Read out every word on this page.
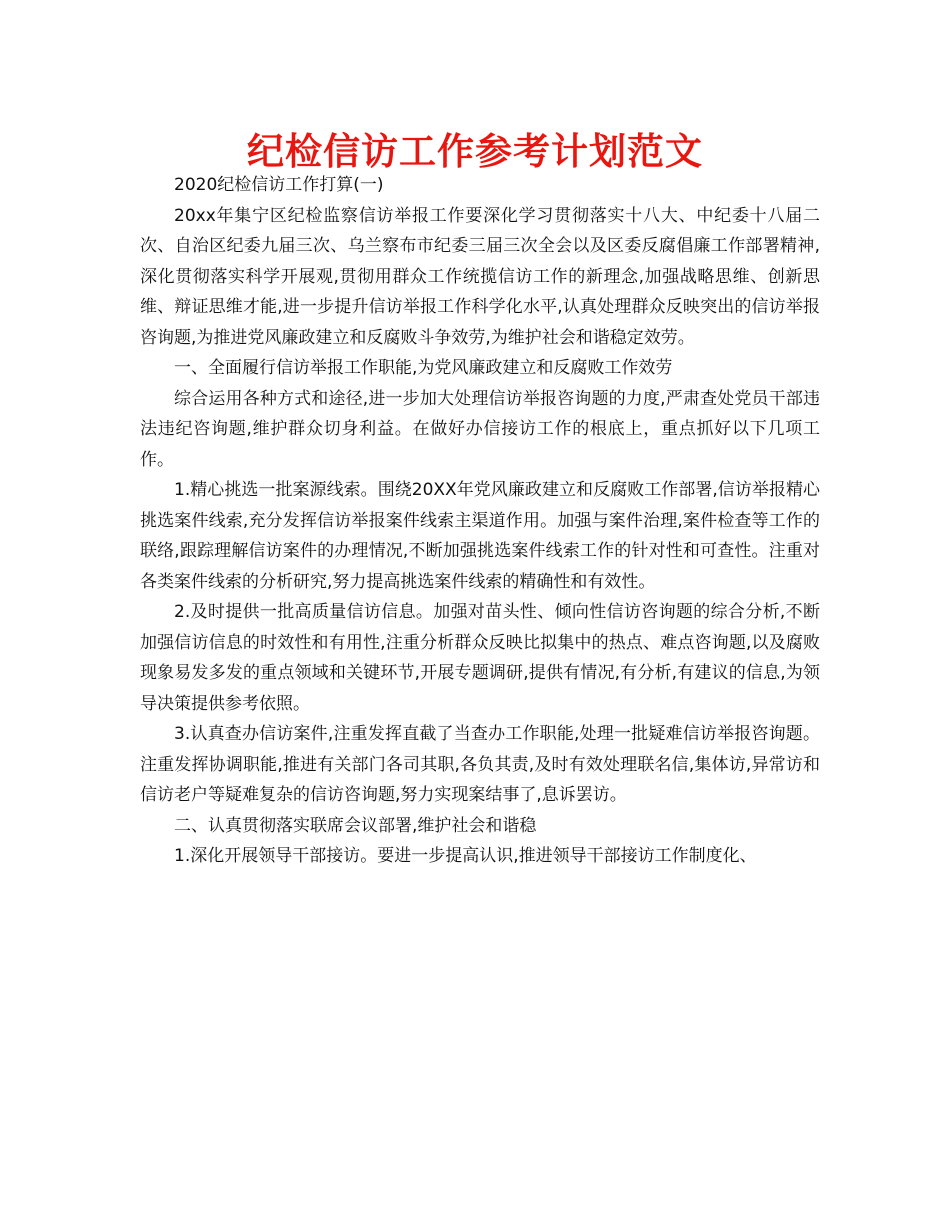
纪检信访工作参考计划范文

2020纪检信访工作打算(一)

20xx年集宁区纪检监察信访举报工作要深化学习贯彻落实十八大、中纪委十八届二次、自治区纪委九届三次、乌兰察布市纪委三届三次全会以及区委反腐倡廉工作部署精神,深化贯彻落实科学开展观,贯彻用群众工作统揽信访工作的新理念,加强战略思维、创新思维、辩证思维才能,进一步提升信访举报工作科学化水平,认真处理群众反映突出的信访举报咨询题,为推进党风廉政建立和反腐败斗争效劳,为维护社会和谐稳定效劳。

一、全面履行信访举报工作职能,为党风廉政建立和反腐败工作效劳

综合运用各种方式和途径,进一步加大处理信访举报咨询题的力度,严肃查处党员干部违法违纪咨询题,维护群众切身利益。在做好办信接访工作的根底上，重点抓好以下几项工作。

1.精心挑选一批案源线索。围绕20XX年党风廉政建立和反腐败工作部署,信访举报精心挑选案件线索,充分发挥信访举报案件线索主渠道作用。加强与案件治理,案件检查等工作的联络,跟踪理解信访案件的办理情况,不断加强挑选案件线索工作的针对性和可查性。注重对各类案件线索的分析研究,努力提高挑选案件线索的精确性和有效性。

2.及时提供一批高质量信访信息。加强对苗头性、倾向性信访咨询题的综合分析,不断加强信访信息的时效性和有用性,注重分析群众反映比拟集中的热点、难点咨询题,以及腐败现象易发多发的重点领域和关键环节,开展专题调研,提供有情况,有分析,有建议的信息,为领导决策提供参考依照。

3.认真查办信访案件,注重发挥直截了当查办工作职能,处理一批疑难信访举报咨询题。注重发挥协调职能,推进有关部门各司其职,各负其责,及时有效处理联名信,集体访,异常访和信访老户等疑难复杂的信访咨询题,努力实现案结事了,息诉罢访。

二、认真贯彻落实联席会议部署,维护社会和谐稳

1.深化开展领导干部接访。要进一步提高认识,推进领导干部接访工作制度化、
